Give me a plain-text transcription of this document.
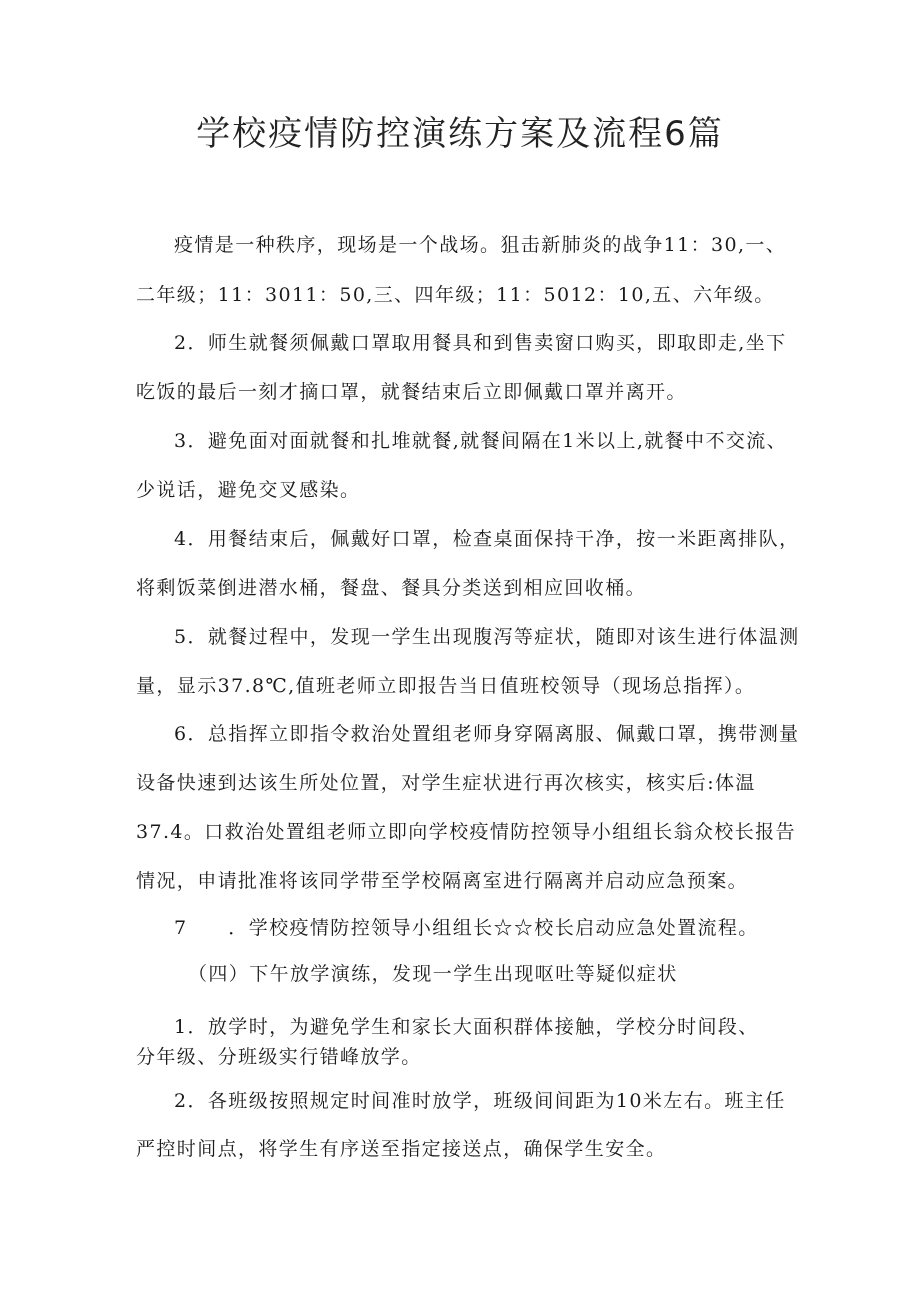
学校疫情防控演练方案及流程6篇
疫情是一种秩序，现场是一个战场。狙击新肺炎的战争11：30,一、
二年级；11：3011：50,三、四年级；11：5012：10,五、六年级。
2．师生就餐须佩戴口罩取用餐具和到售卖窗口购买，即取即走,坐下
吃饭的最后一刻才摘口罩，就餐结束后立即佩戴口罩并离开。
3．避免面对面就餐和扎堆就餐,就餐间隔在1米以上,就餐中不交流、
少说话，避免交叉感染。
4．用餐结束后，佩戴好口罩，检查桌面保持干净，按一米距离排队，
将剩饭菜倒进潜水桶，餐盘、餐具分类送到相应回收桶。
5．就餐过程中，发现一学生出现腹泻等症状，随即对该生进行体温测
量，显示37.8℃,值班老师立即报告当日值班校领导（现场总指挥）。
6．总指挥立即指令救治处置组老师身穿隔离服、佩戴口罩，携带测量
设备快速到达该生所处位置，对学生症状进行再次核实，核实后:体温
37.4。口救治处置组老师立即向学校疫情防控领导小组组长翁众校长报告
情况，申请批准将该同学带至学校隔离室进行隔离并启动应急预案。
7　　．学校疫情防控领导小组组长☆☆校长启动应急处置流程。
（四）下午放学演练，发现一学生出现呕吐等疑似症状
1．放学时，为避免学生和家长大面积群体接触，学校分时间段、
分年级、分班级实行错峰放学。
2．各班级按照规定时间准时放学，班级间间距为10米左右。班主任
严控时间点，将学生有序送至指定接送点，确保学生安全。
